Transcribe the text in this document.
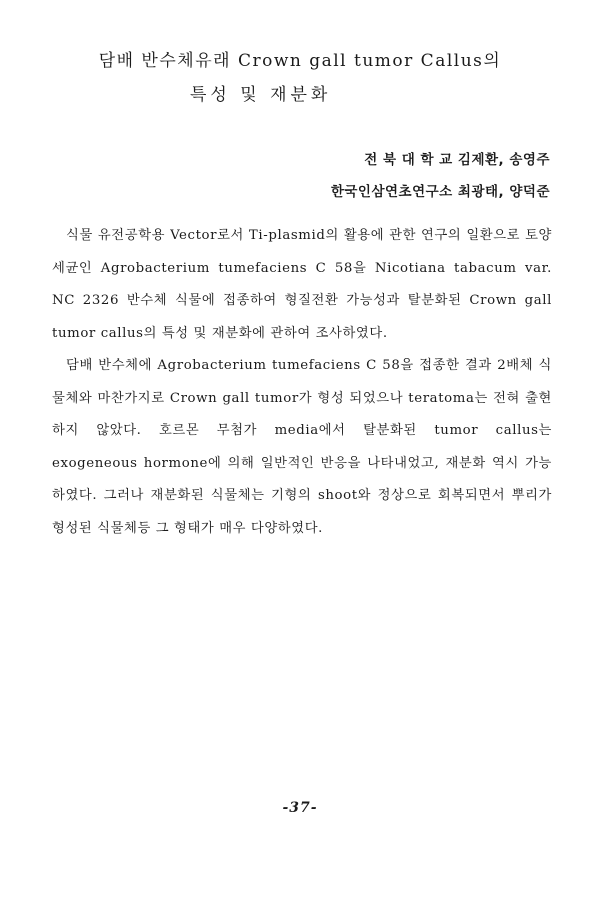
담배 반수체유래 Crown gall tumor Callus의
특성 및 재분화
전 북 대 학 교 김제환, 송영주
한국인삼연초연구소 최광태, 양덕준

식물 유전공학용 Vector로서 Ti-plasmid의 활용에 관한 연구의 일환으로 토양세균인 Agrobacterium tumefaciens C 58을 Nicotiana tabacum var. NC 2326 반수체 식물에 접종하여 형질전환 가능성과 탈분화된 Crown gall tumor callus의 특성 및 재분화에 관하여 조사하였다.

담배 반수체에 Agrobacterium tumefaciens C 58을 접종한 결과 2배체 식물체와 마찬가지로 Crown gall tumor가 형성 되었으나 teratoma는 전혀 출현하지 않았다. 호르몬 무첨가 media에서 탈분화된 tumor callus는 exogeneous hormone에 의해 일반적인 반응을 나타내었고, 재분화 역시 가능하였다. 그러나 재분화된 식물체는 기형의 shoot와 정상으로 회복되면서 뿌리가 형성된 식물체등 그 형태가 매우 다양하였다.

-37-
